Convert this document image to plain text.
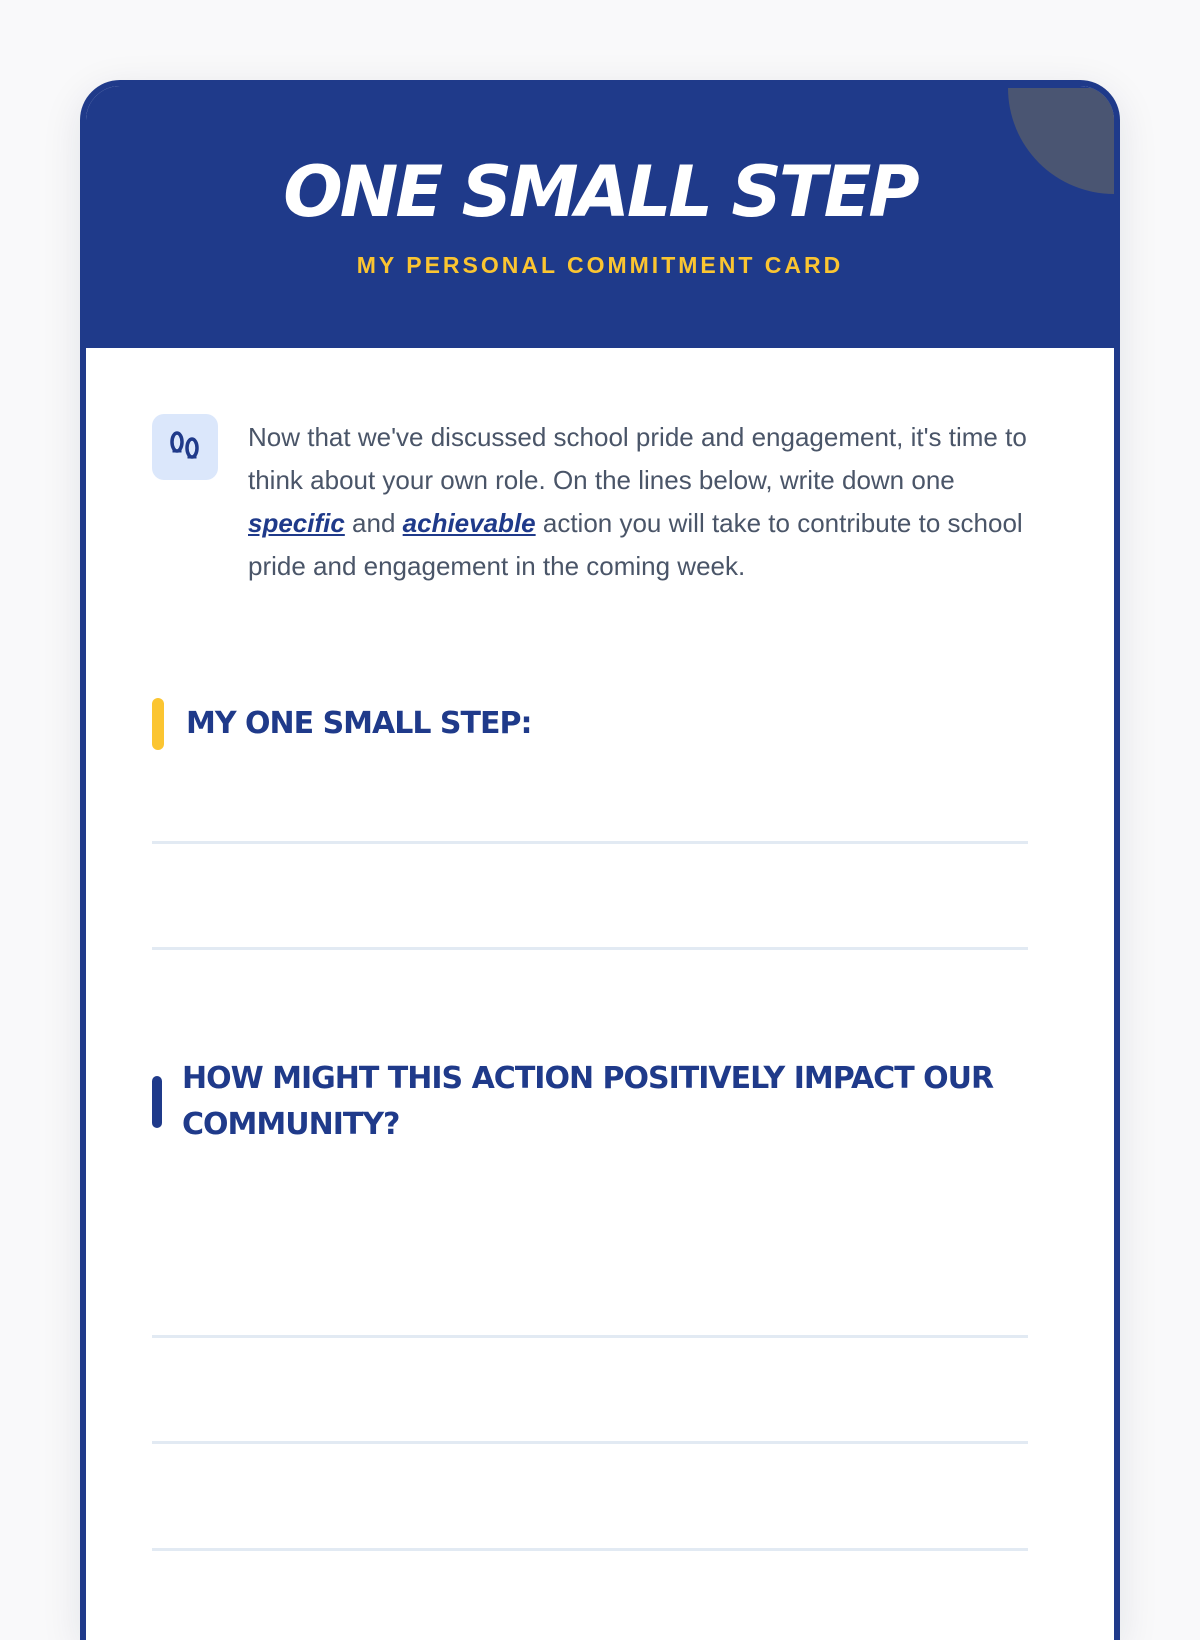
ONE SMALL STEP
MY PERSONAL COMMITMENT CARD

Now that we've discussed school pride and engagement, it's time to think about your own role. On the lines below, write down one specific and achievable action you will take to contribute to school pride and engagement in the coming week.

MY ONE SMALL STEP:
HOW MIGHT THIS ACTION POSITIVELY IMPACT OUR COMMUNITY?
